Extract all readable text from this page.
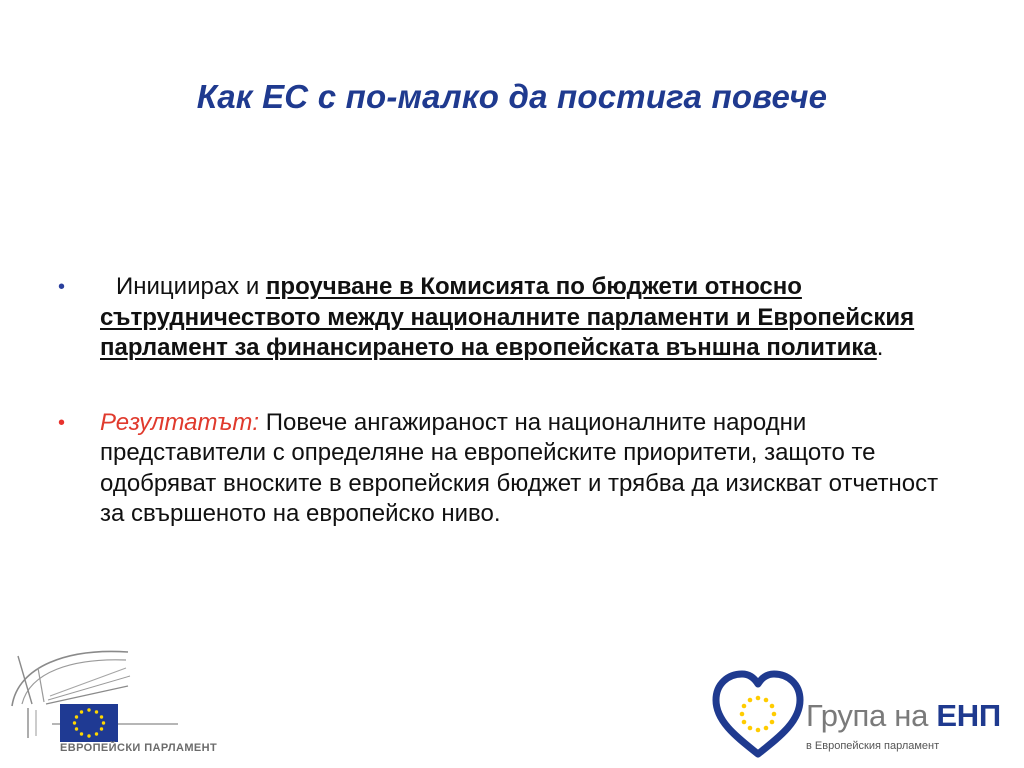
Как ЕС с по-малко да постига повече
• Инициирах и проучване в Комисията по бюджети относно сътрудничеството между националните парламенти и Европейския парламент за финансирането на европейската външна политика.
• Резултатът: Повече ангажираност на националните народни представители с определяне на европейските приоритети, защото те одобряват вноските в европейския бюджет и трябва да изискват отчетност за свършеното на европейско ниво.
ЕВРОПЕЙСКИ ПАРЛАМЕНТ
Група на ЕНП
в Европейския парламент
